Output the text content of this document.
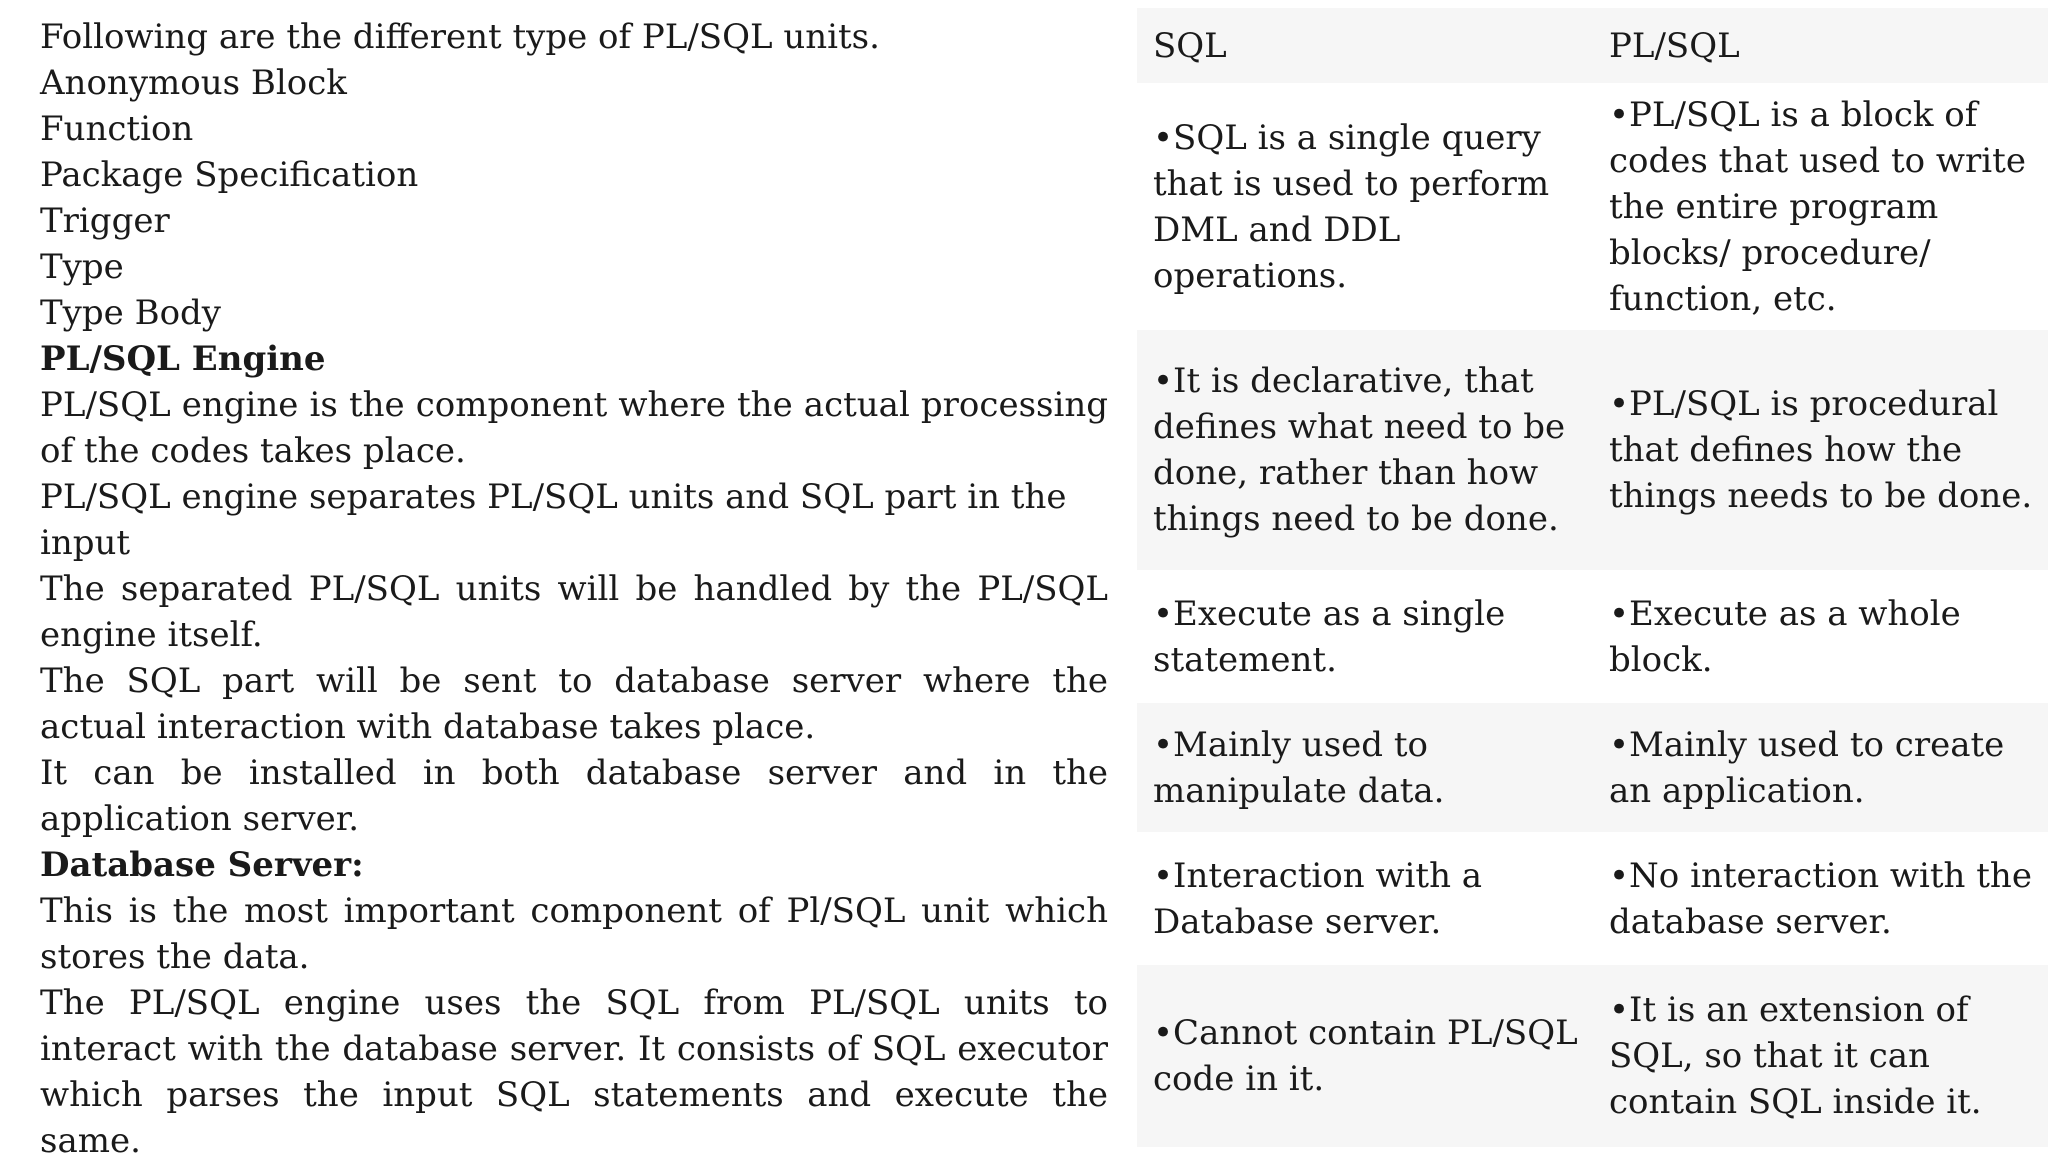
Following are the different type of PL/SQL units.
Anonymous Block
Function
Package Specification
Trigger
Type
Type Body
PL/SQL Engine
PL/SQL engine is the component where the actual processing of the codes takes place.
PL/SQL engine separates PL/SQL units and SQL part in the input
The separated PL/SQL units will be handled by the PL/SQL engine itself.
The SQL part will be sent to database server where the actual interaction with database takes place.
It can be installed in both database server and in the application server.
Database Server:
This is the most important component of Pl/SQL unit which stores the data.
The PL/SQL engine uses the SQL from PL/SQL units to interact with the database server. It consists of SQL executor which parses the input SQL statements and execute the same.
SQL	PL/SQL
•SQL is a single query that is used to perform DML and DDL operations.	•PL/SQL is a block of codes that used to write the entire program blocks/ procedure/ function, etc.
•It is declarative, that defines what need to be done, rather than how things need to be done.	•PL/SQL is procedural that defines how the things needs to be done.
•Execute as a single statement.	•Execute as a whole block.
•Mainly used to manipulate data.	•Mainly used to create an application.
•Interaction with a Database server.	•No interaction with the database server.
•Cannot contain PL/SQL code in it.	•It is an extension of SQL, so that it can contain SQL inside it.
